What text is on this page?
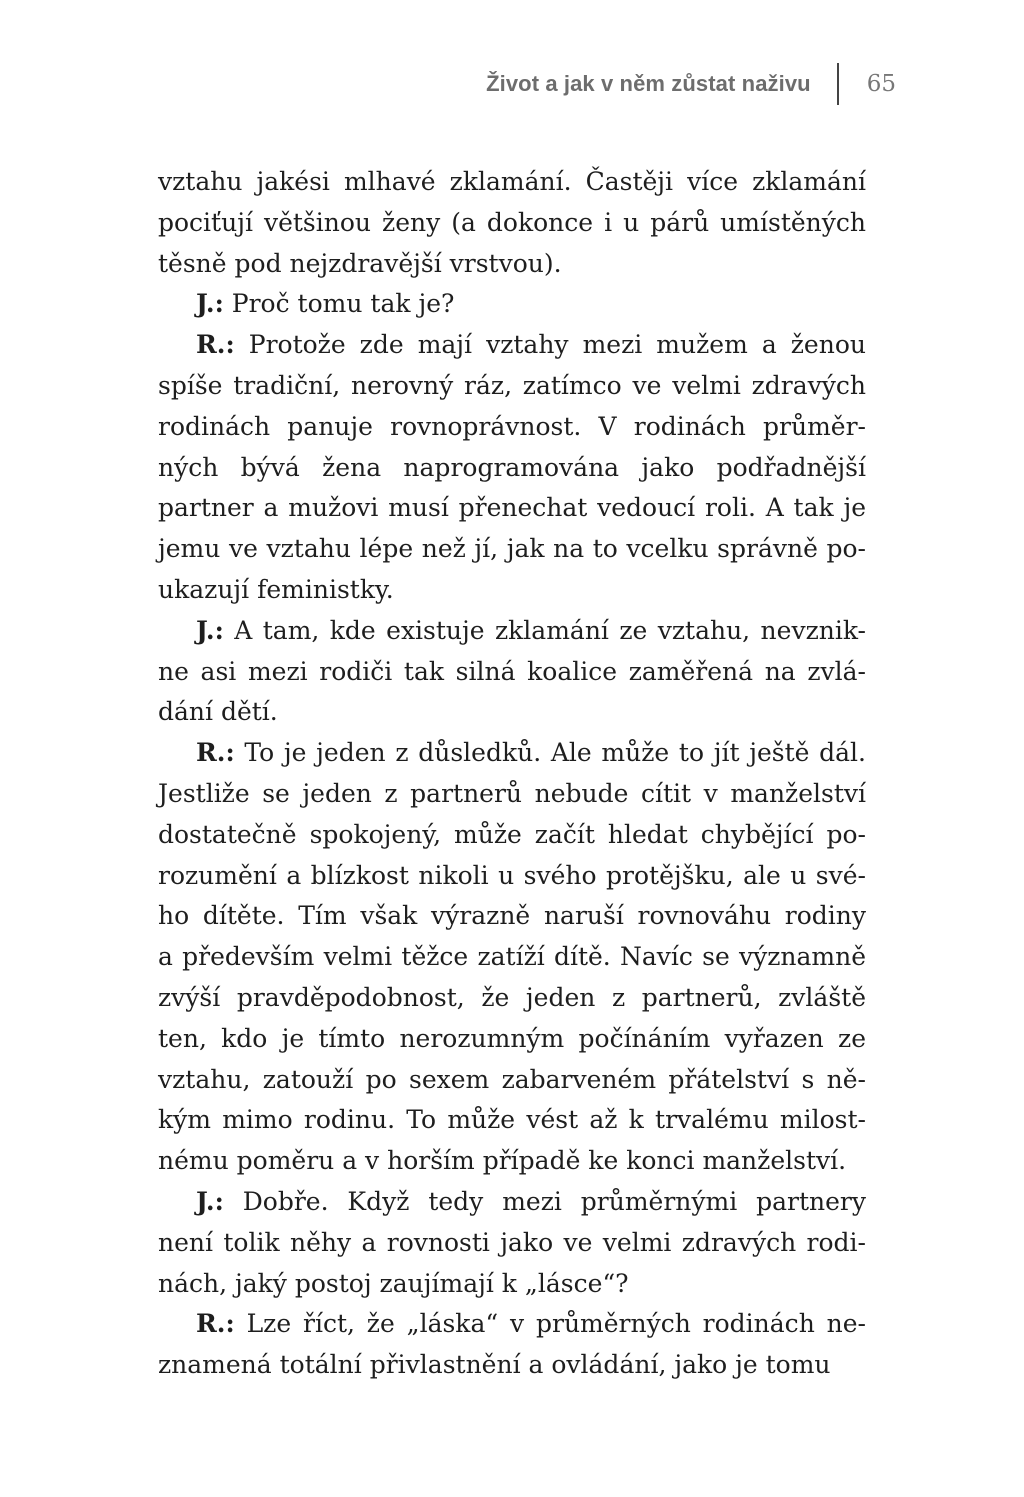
Život a jak v něm zůstat naživu 65
vztahu jakési mlhavé zklamání. Častěji více zklamání
pociťují většinou ženy (a dokonce i u párů umístěných
těsně pod nejzdravější vrstvou).
J.: Proč tomu tak je?
R.: Protože zde mají vztahy mezi mužem a ženou
spíše tradiční, nerovný ráz, zatímco ve velmi zdravých
rodinách panuje rovnoprávnost. V rodinách průměr-
ných bývá žena naprogramována jako podřadnější
partner a mužovi musí přenechat vedoucí roli. A tak je
jemu ve vztahu lépe než jí, jak na to vcelku správně po-
ukazují feministky.
J.: A tam, kde existuje zklamání ze vztahu, nevznik-
ne asi mezi rodiči tak silná koalice zaměřená na zvlá-
dání dětí.
R.: To je jeden z důsledků. Ale může to jít ještě dál.
Jestliže se jeden z partnerů nebude cítit v manželství
dostatečně spokojený, může začít hledat chybějící po-
rozumění a blízkost nikoli u svého protějšku, ale u své-
ho dítěte. Tím však výrazně naruší rovnováhu rodiny
a především velmi těžce zatíží dítě. Navíc se významně
zvýší pravděpodobnost, že jeden z partnerů, zvláště
ten, kdo je tímto nerozumným počínáním vyřazen ze
vztahu, zatouží po sexem zabarveném přátelství s ně-
kým mimo rodinu. To může vést až k trvalému milost-
nému poměru a v horším případě ke konci manželství.
J.: Dobře. Když tedy mezi průměrnými partnery
není tolik něhy a rovnosti jako ve velmi zdravých rodi-
nách, jaký postoj zaujímají k „lásce“?
R.: Lze říct, že „láska“ v průměrných rodinách ne-
znamená totální přivlastnění a ovládání, jako je tomu
